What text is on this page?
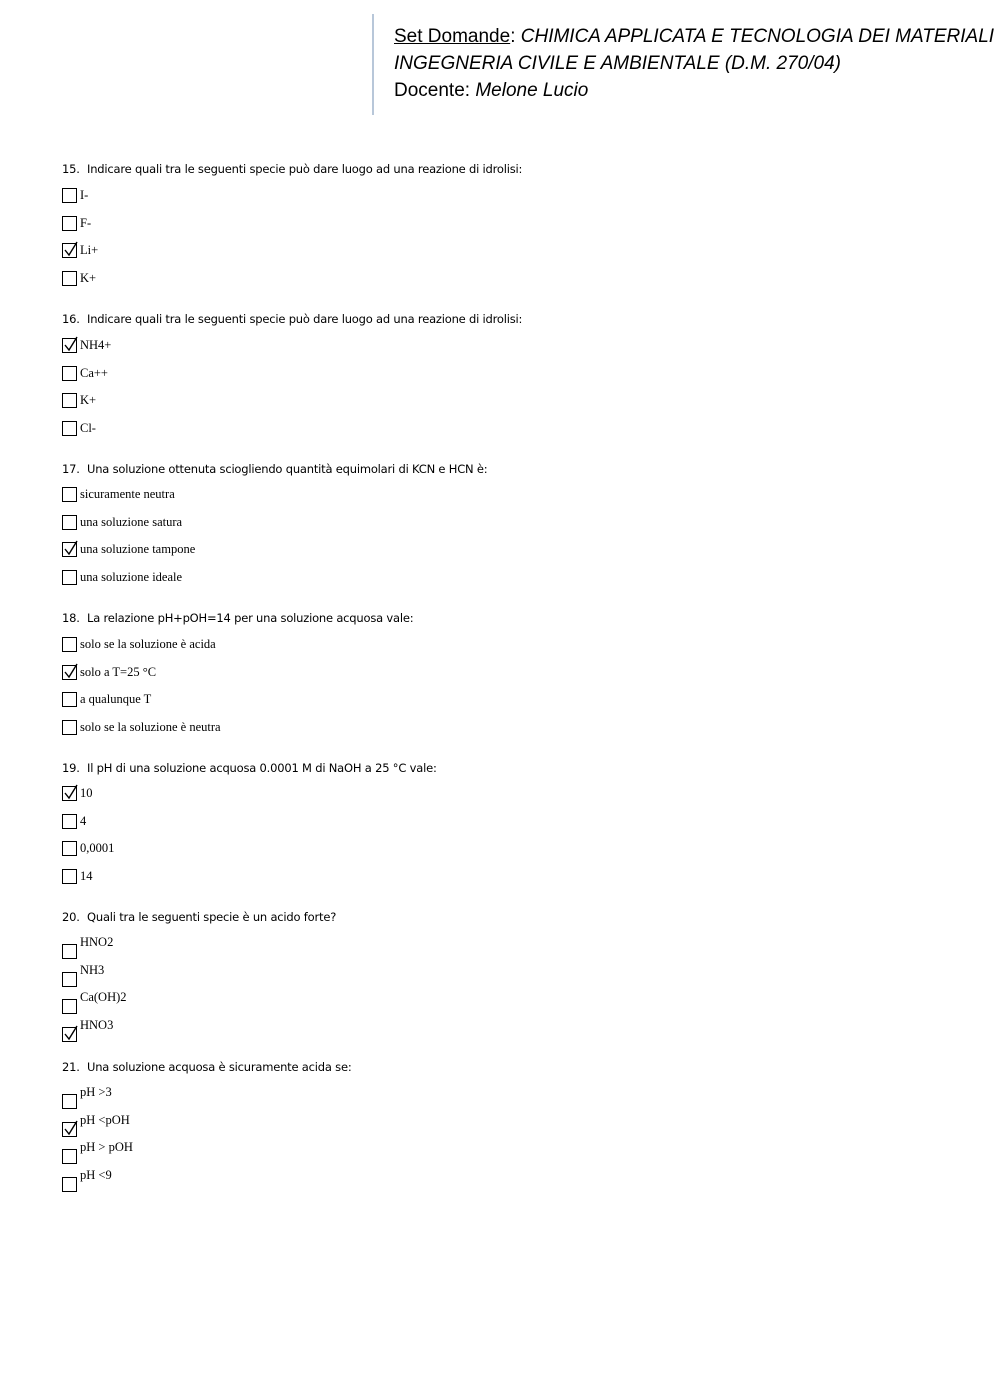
Set Domande: CHIMICA APPLICATA E TECNOLOGIA DEI MATERIALI
INGEGNERIA CIVILE E AMBIENTALE (D.M. 270/04)
Docente: Melone Lucio
15. Indicare quali tra le seguenti specie può dare luogo ad una reazione di idrolisi:
I-
F-
Li+
K+
16. Indicare quali tra le seguenti specie può dare luogo ad una reazione di idrolisi:
NH4+
Ca++
K+
Cl-
17. Una soluzione ottenuta sciogliendo quantità equimolari di KCN e HCN è:
sicuramente neutra
una soluzione satura
una soluzione tampone
una soluzione ideale
18. La relazione pH+pOH=14 per una soluzione acquosa vale:
solo se la soluzione è acida
solo a T=25 °C
a qualunque T
solo se la soluzione è neutra
19. Il pH di una soluzione acquosa 0.0001 M di NaOH a 25 °C vale:
10
4
0,0001
14
20. Quali tra le seguenti specie è un acido forte?
HNO2
NH3
Ca(OH)2
HNO3
21. Una soluzione acquosa è sicuramente acida se:
pH >3
pH <pOH
pH > pOH
pH <9
